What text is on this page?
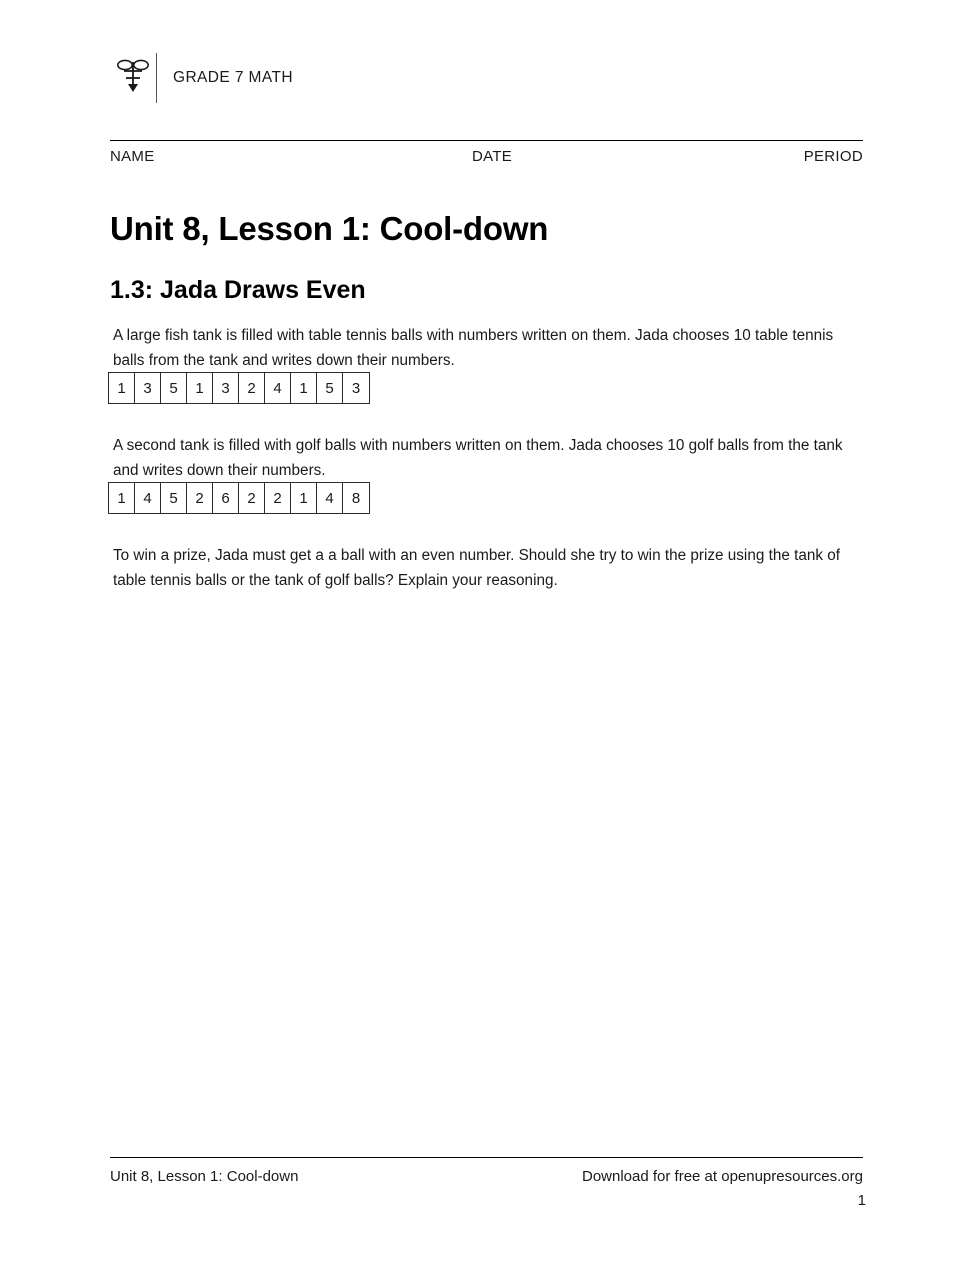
GRADE 7 MATH
NAME	DATE	PERIOD
Unit 8, Lesson 1: Cool-down
1.3: Jada Draws Even

A large fish tank is filled with table tennis balls with numbers written on them. Jada chooses 10 table tennis balls from the tank and writes down their numbers.

1	3	5	1	3	2	4	1	5	3

A second tank is filled with golf balls with numbers written on them. Jada chooses 10 golf balls from the tank and writes down their numbers.

1	4	5	2	6	2	2	1	4	8

To win a prize, Jada must get a a ball with an even number. Should she try to win the prize using the tank of table tennis balls or the tank of golf balls? Explain your reasoning.

Unit 8, Lesson 1: Cool-down	Download for free at openupresources.org
1
